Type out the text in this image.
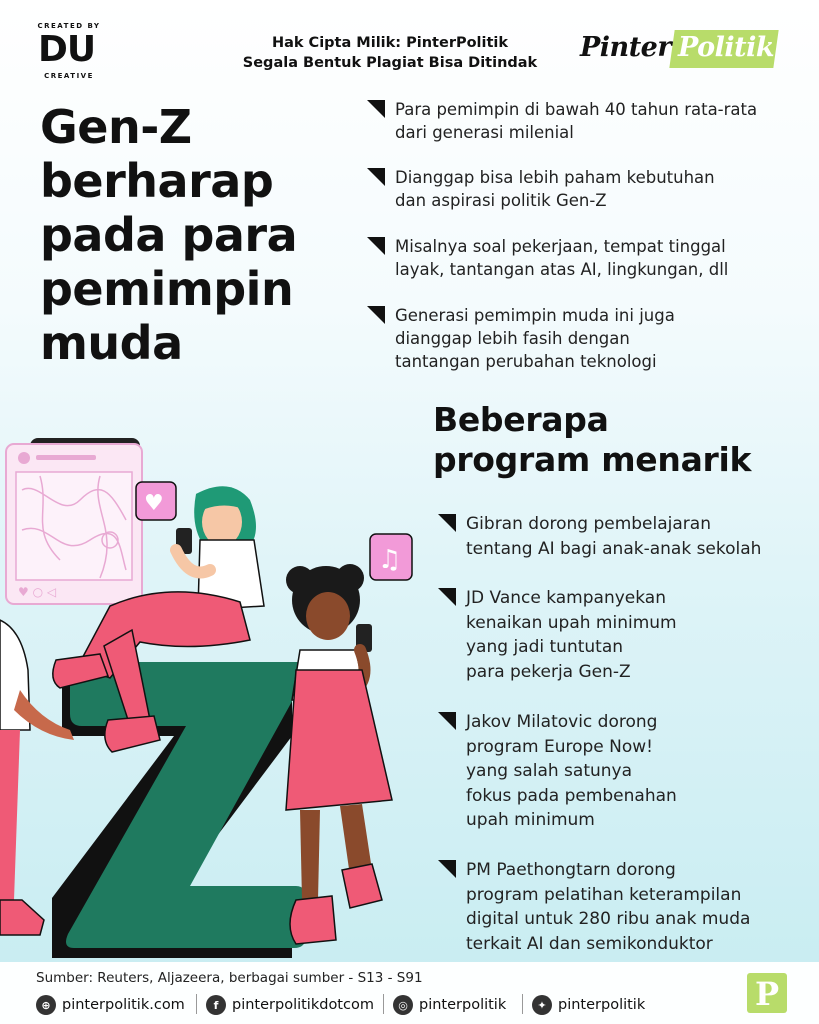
CREATED BY
DU
CREATIVE
Hak Cipta Milik: PinterPolitik
Segala Bentuk Plagiat Bisa Ditindak	Pinter Politik
Gen-Z
berharap
pada para
pemimpin
muda
Para pemimpin di bawah 40 tahun rata-rata
dari generasi milenial
Dianggap bisa lebih paham kebutuhan
dan aspirasi politik Gen-Z
Misalnya soal pekerjaan, tempat tinggal
layak, tantangan atas AI, lingkungan, dll
Generasi pemimpin muda ini juga
dianggap lebih fasih dengan
tantangan perubahan teknologi
Beberapa
program menarik
Gibran dorong pembelajaran
tentang AI bagi anak-anak sekolah
JD Vance kampanyekan
kenaikan upah minimum
yang jadi tuntutan
para pekerja Gen-Z
Jakov Milatovic dorong
program Europe Now!
yang salah satunya
fokus pada pembenahan
upah minimum
PM Paethongtarn dorong
program pelatihan keterampilan
digital untuk 280 ribu anak muda
terkait AI dan semikonduktor
♥ ○ ◁
♥
♫
Sumber: Reuters, Aljazeera, berbagai sumber - S13 - S91
⊕ pinterpolitik.com	f pinterpolitikdotcom	◎ pinterpolitik	✦ pinterpolitik	P
